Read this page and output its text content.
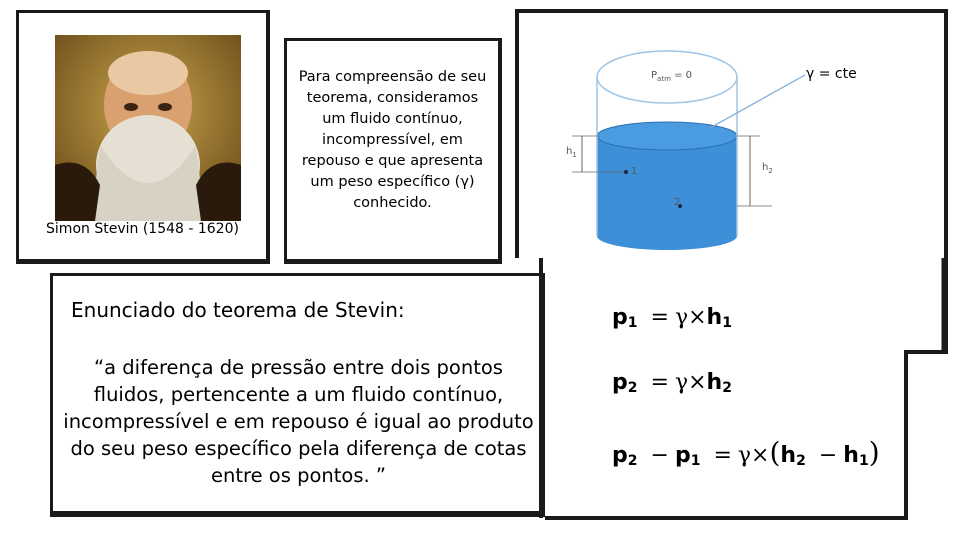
Simon Stevin (1548 - 1620)
Para compreensão de seu teorema, consideramos um fluido contínuo, incompressível, em repouso e que apresenta um peso específico (γ) conhecido.
$P_{atm} = 0$	γ = cte
$h_1$
$h_2$
1
2
Enunciado do teorema de Stevin:
“a diferença de pressão entre dois pontos fluidos, pertencente a um fluido contínuo, incompressível e em repouso é igual ao produto do seu peso específico pela diferença de cotas entre os pontos. ”
$p_1 = \gamma\times h_1$
$p_2 = \gamma\times h_2$
$p_2 - p_1 = \gamma\times(h_2 - h_1)$
